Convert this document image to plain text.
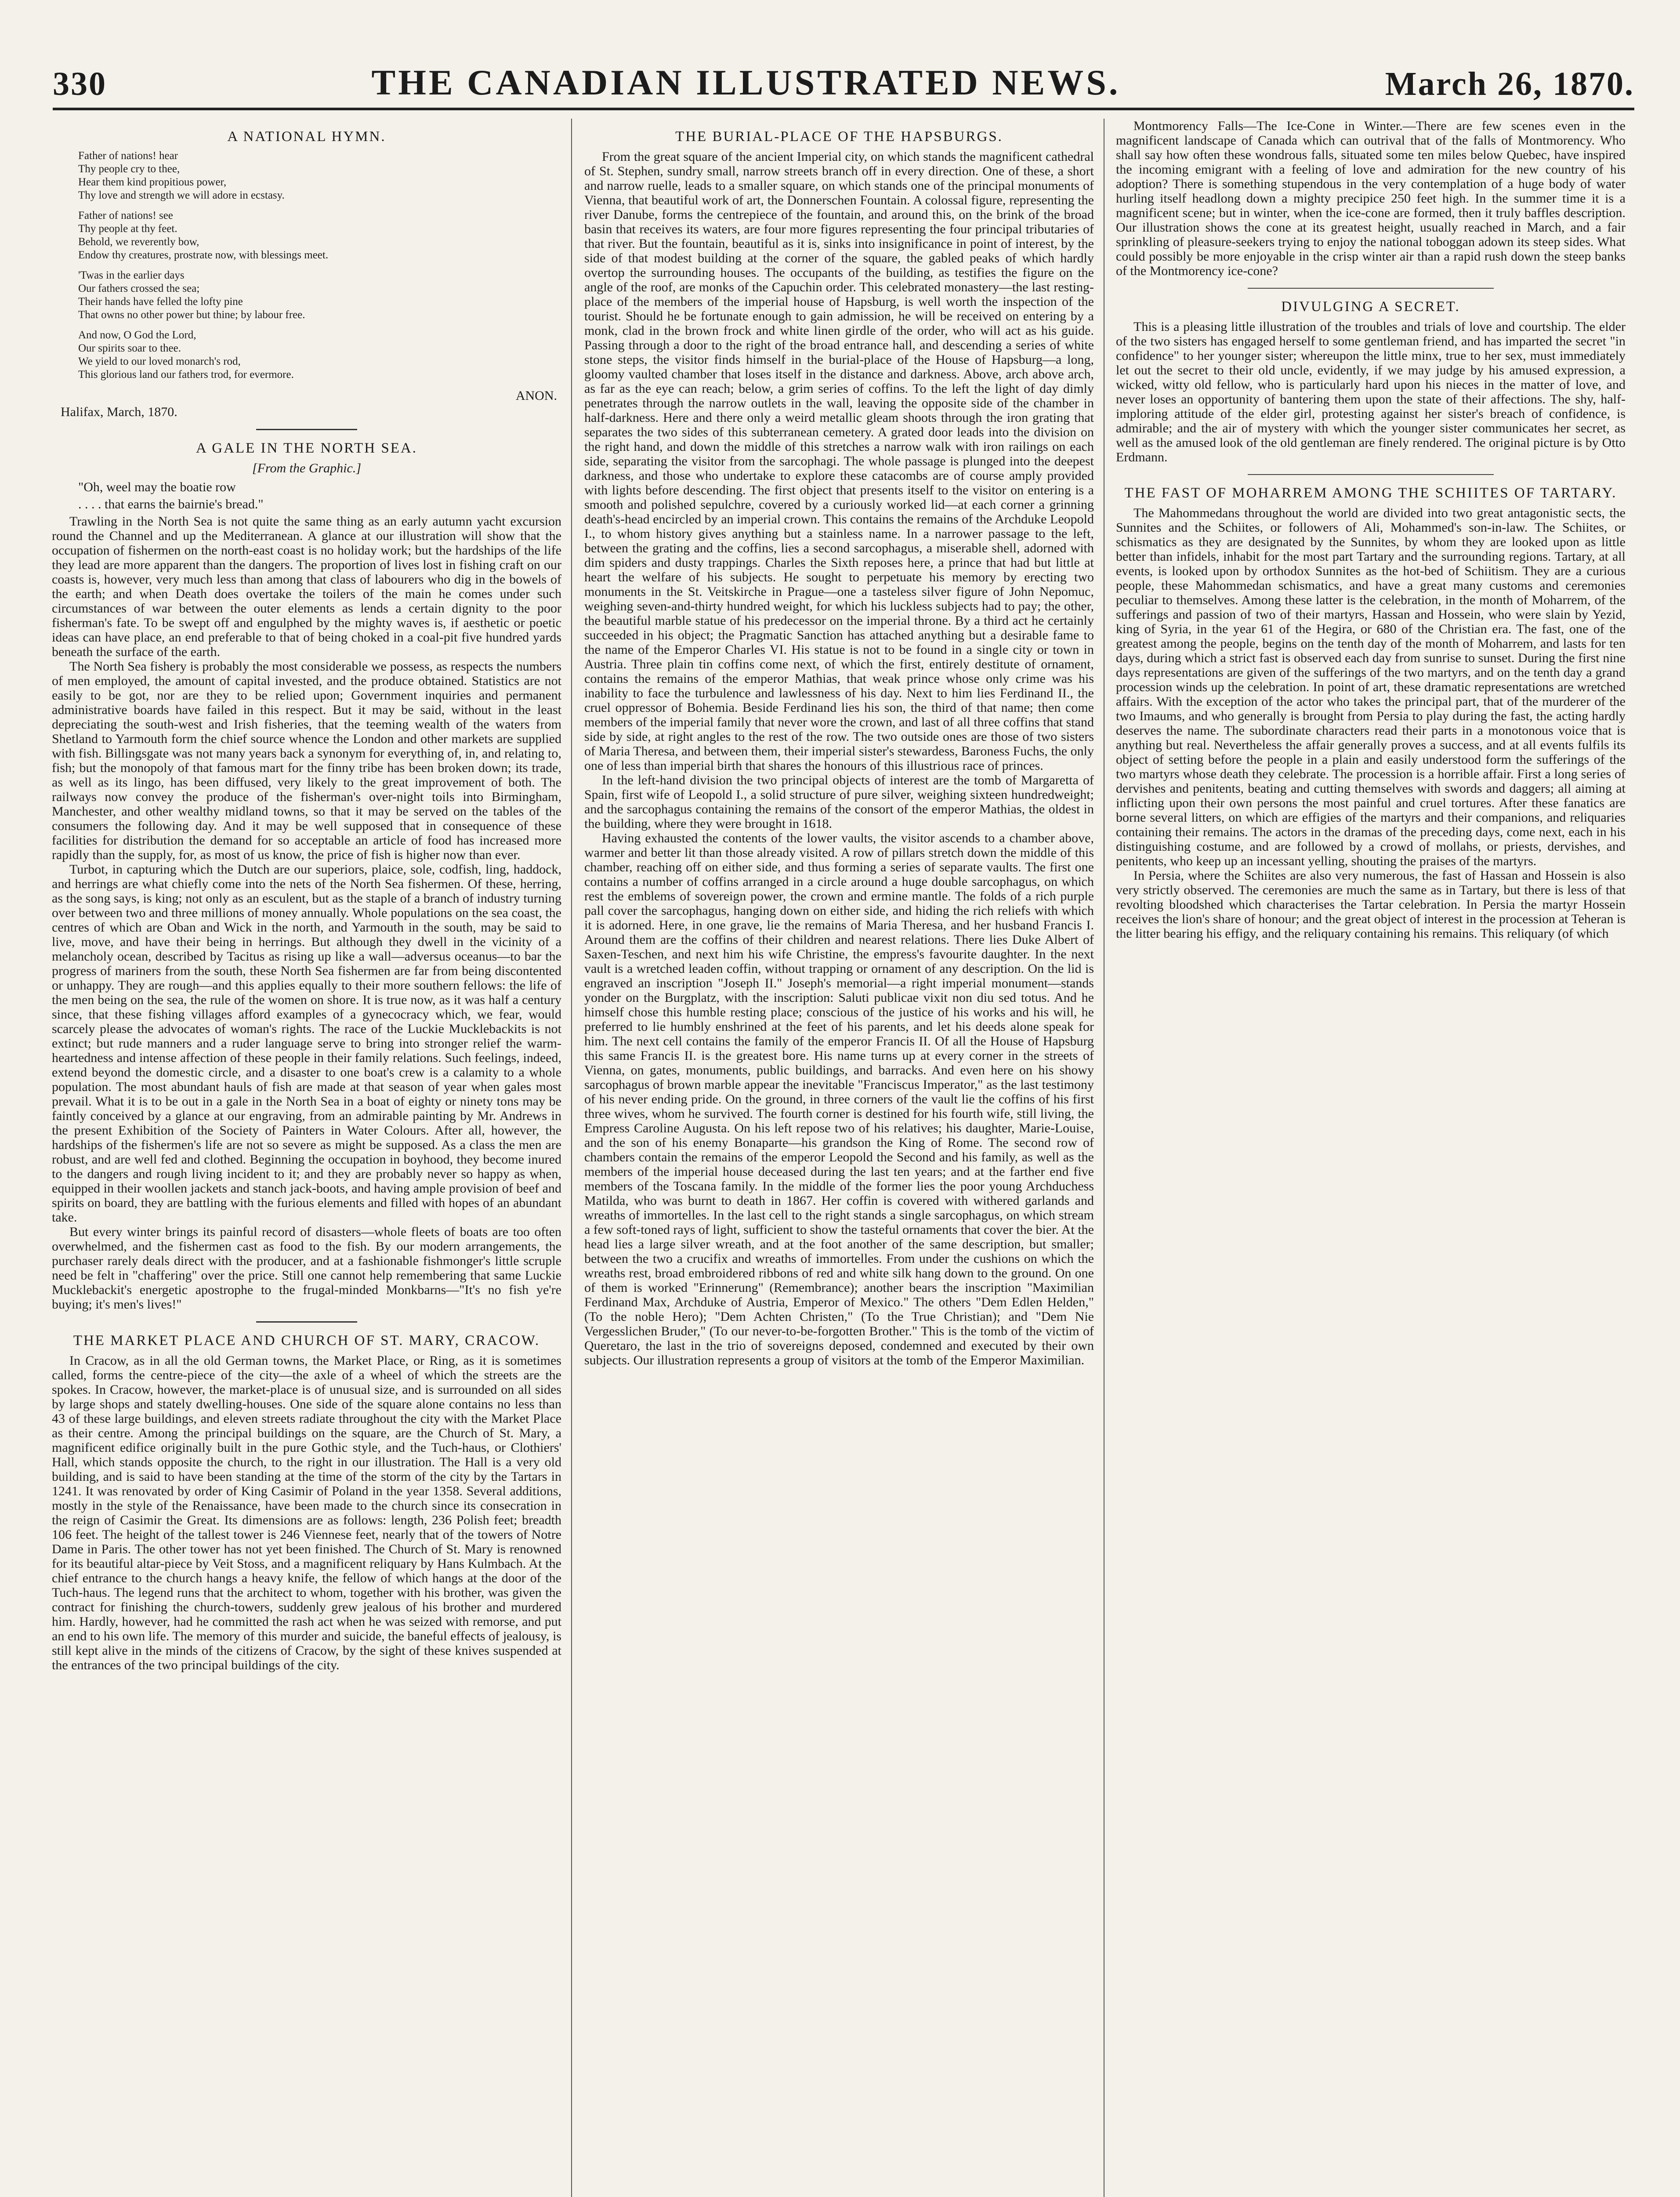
330	THE CANADIAN ILLUSTRATED NEWS.	March 26, 1870.
A NATIONAL HYMN.
Father of nations! hear
Thy people cry to thee,
Hear them kind propitious power,
Thy love and strength we will adore in ecstasy.
Father of nations! see
Thy people at thy feet.
Behold, we reverently bow,
Endow thy creatures, prostrate now, with blessings meet.
'Twas in the earlier days
Our fathers crossed the sea;
Their hands have felled the lofty pine
That owns no other power but thine; by labour free.
And now, O God the Lord,
Our spirits soar to thee.
We yield to our loved monarch's rod,
This glorious land our fathers trod, for evermore.
ANON.
Halifax, March, 1870.
A GALE IN THE NORTH SEA.
[From the Graphic.]
"Oh, weel may the boatie row
. . . . that earns the bairnie's bread."

Trawling in the North Sea is not quite the same thing as an early autumn yacht excursion round the Channel and up the Mediterranean. A glance at our illustration will show that the occupation of fishermen on the north-east coast is no holiday work; but the hardships of the life they lead are more apparent than the dangers. The proportion of lives lost in fishing craft on our coasts is, however, very much less than among that class of labourers who dig in the bowels of the earth; and when Death does overtake the toilers of the main he comes under such circumstances of war between the outer elements as lends a certain dignity to the poor fisherman's fate. To be swept off and engulphed by the mighty waves is, if aesthetic or poetic ideas can have place, an end preferable to that of being choked in a coal-pit five hundred yards beneath the surface of the earth.

The North Sea fishery is probably the most considerable we possess, as respects the numbers of men employed, the amount of capital invested, and the produce obtained. Statistics are not easily to be got, nor are they to be relied upon; Government inquiries and permanent administrative boards have failed in this respect. But it may be said, without in the least depreciating the south-west and Irish fisheries, that the teeming wealth of the waters from Shetland to Yarmouth form the chief source whence the London and other markets are supplied with fish. Billingsgate was not many years back a synonym for everything of, in, and relating to, fish; but the monopoly of that famous mart for the finny tribe has been broken down; its trade, as well as its lingo, has been diffused, very likely to the great improvement of both. The railways now convey the produce of the fisherman's over-night toils into Birmingham, Manchester, and other wealthy midland towns, so that it may be served on the tables of the consumers the following day. And it may be well supposed that in consequence of these facilities for distribution the demand for so acceptable an article of food has increased more rapidly than the supply, for, as most of us know, the price of fish is higher now than ever.

Turbot, in capturing which the Dutch are our superiors, plaice, sole, codfish, ling, haddock, and herrings are what chiefly come into the nets of the North Sea fishermen. Of these, herring, as the song says, is king; not only as an esculent, but as the staple of a branch of industry turning over between two and three millions of money annually. Whole populations on the sea coast, the centres of which are Oban and Wick in the north, and Yarmouth in the south, may be said to live, move, and have their being in herrings. But although they dwell in the vicinity of a melancholy ocean, described by Tacitus as rising up like a wall—adversus oceanus—to bar the progress of mariners from the south, these North Sea fishermen are far from being discontented or unhappy. They are rough—and this applies equally to their more southern fellows: the life of the men being on the sea, the rule of the women on shore. It is true now, as it was half a century since, that these fishing villages afford examples of a gynecocracy which, we fear, would scarcely please the advocates of woman's rights. The race of the Luckie Mucklebackits is not extinct; but rude manners and a ruder language serve to bring into stronger relief the warm-heartedness and intense affection of these people in their family relations. Such feelings, indeed, extend beyond the domestic circle, and a disaster to one boat's crew is a calamity to a whole population. The most abundant hauls of fish are made at that season of year when gales most prevail. What it is to be out in a gale in the North Sea in a boat of eighty or ninety tons may be faintly conceived by a glance at our engraving, from an admirable painting by Mr. Andrews in the present Exhibition of the Society of Painters in Water Colours. After all, however, the hardships of the fishermen's life are not so severe as might be supposed. As a class the men are robust, and are well fed and clothed. Beginning the occupation in boyhood, they become inured to the dangers and rough living incident to it; and they are probably never so happy as when, equipped in their woollen jackets and stanch jack-boots, and having ample provision of beef and spirits on board, they are battling with the furious elements and filled with hopes of an abundant take.

But every winter brings its painful record of disasters—whole fleets of boats are too often overwhelmed, and the fishermen cast as food to the fish. By our modern arrangements, the purchaser rarely deals direct with the producer, and at a fashionable fishmonger's little scruple need be felt in "chaffering" over the price. Still one cannot help remembering that same Luckie Mucklebackit's energetic apostrophe to the frugal-minded Monkbarns—"It's no fish ye're buying; it's men's lives!"

THE MARKET PLACE AND CHURCH OF ST. MARY, CRACOW.

In Cracow, as in all the old German towns, the Market Place, or Ring, as it is sometimes called, forms the centre-piece of the city—the axle of a wheel of which the streets are the spokes. In Cracow, however, the market-place is of unusual size, and is surrounded on all sides by large shops and stately dwelling-houses. One side of the square alone contains no less than 43 of these large buildings, and eleven streets radiate throughout the city with the Market Place as their centre. Among the principal buildings on the square, are the Church of St. Mary, a magnificent edifice originally built in the pure Gothic style, and the Tuch-haus, or Clothiers' Hall, which stands opposite the church, to the right in our illustration. The Hall is a very old building, and is said to have been standing at the time of the storm of the city by the Tartars in 1241. It was renovated by order of King Casimir of Poland in the year 1358. Several additions, mostly in the style of the Renaissance, have been made to the church since its consecration in the reign of Casimir the Great. Its dimensions are as follows: length, 236 Polish feet; breadth 106 feet. The height of the tallest tower is 246 Viennese feet, nearly that of the towers of Notre Dame in Paris. The other tower has not yet been finished. The Church of St. Mary is renowned for its beautiful altar-piece by Veit Stoss, and a magnificent reliquary by Hans Kulmbach. At the chief entrance to the church hangs a heavy knife, the fellow of which hangs at the door of the Tuch-haus. The legend runs that the architect to whom, together with his brother, was given the contract for finishing the church-towers, suddenly grew jealous of his brother and murdered him. Hardly, however, had he committed the rash act when he was seized with remorse, and put an end to his own life. The memory of this murder and suicide, the baneful effects of jealousy, is still kept alive in the minds of the citizens of Cracow, by the sight of these knives suspended at the entrances of the two principal buildings of the city.

THE BURIAL-PLACE OF THE HAPSBURGS.

From the great square of the ancient Imperial city, on which stands the magnificent cathedral of St. Stephen, sundry small, narrow streets branch off in every direction. One of these, a short and narrow ruelle, leads to a smaller square, on which stands one of the principal monuments of Vienna, that beautiful work of art, the Donnerschen Fountain. A colossal figure, representing the river Danube, forms the centrepiece of the fountain, and around this, on the brink of the broad basin that receives its waters, are four more figures representing the four principal tributaries of that river. But the fountain, beautiful as it is, sinks into insignificance in point of interest, by the side of that modest building at the corner of the square, the gabled peaks of which hardly overtop the surrounding houses. The occupants of the building, as testifies the figure on the angle of the roof, are monks of the Capuchin order. This celebrated monastery—the last resting-place of the members of the imperial house of Hapsburg, is well worth the inspection of the tourist. Should he be fortunate enough to gain admission, he will be received on entering by a monk, clad in the brown frock and white linen girdle of the order, who will act as his guide. Passing through a door to the right of the broad entrance hall, and descending a series of white stone steps, the visitor finds himself in the burial-place of the House of Hapsburg—a long, gloomy vaulted chamber that loses itself in the distance and darkness. Above, arch above arch, as far as the eye can reach; below, a grim series of coffins. To the left the light of day dimly penetrates through the narrow outlets in the wall, leaving the opposite side of the chamber in half-darkness. Here and there only a weird metallic gleam shoots through the iron grating that separates the two sides of this subterranean cemetery. A grated door leads into the division on the right hand, and down the middle of this stretches a narrow walk with iron railings on each side, separating the visitor from the sarcophagi. The whole passage is plunged into the deepest darkness, and those who undertake to explore these catacombs are of course amply provided with lights before descending. The first object that presents itself to the visitor on entering is a smooth and polished sepulchre, covered by a curiously worked lid—at each corner a grinning death's-head encircled by an imperial crown. This contains the remains of the Archduke Leopold I., to whom history gives anything but a stainless name. In a narrower passage to the left, between the grating and the coffins, lies a second sarcophagus, a miserable shell, adorned with dim spiders and dusty trappings. Charles the Sixth reposes here, a prince that had but little at heart the welfare of his subjects. He sought to perpetuate his memory by erecting two monuments in the St. Veitskirche in Prague—one a tasteless silver figure of John Nepomuc, weighing seven-and-thirty hundred weight, for which his luckless subjects had to pay; the other, the beautiful marble statue of his predecessor on the imperial throne. By a third act he certainly succeeded in his object; the Pragmatic Sanction has attached anything but a desirable fame to the name of the Emperor Charles VI. His statue is not to be found in a single city or town in Austria. Three plain tin coffins come next, of which the first, entirely destitute of ornament, contains the remains of the emperor Mathias, that weak prince whose only crime was his inability to face the turbulence and lawlessness of his day. Next to him lies Ferdinand II., the cruel oppressor of Bohemia. Beside Ferdinand lies his son, the third of that name; then come members of the imperial family that never wore the crown, and last of all three coffins that stand side by side, at right angles to the rest of the row. The two outside ones are those of two sisters of Maria Theresa, and between them, their imperial sister's stewardess, Baroness Fuchs, the only one of less than imperial birth that shares the honours of this illustrious race of princes.

In the left-hand division the two principal objects of interest are the tomb of Margaretta of Spain, first wife of Leopold I., a solid structure of pure silver, weighing sixteen hundredweight; and the sarcophagus containing the remains of the consort of the emperor Mathias, the oldest in the building, where they were brought in 1618.

Having exhausted the contents of the lower vaults, the visitor ascends to a chamber above, warmer and better lit than those already visited. A row of pillars stretch down the middle of this chamber, reaching off on either side, and thus forming a series of separate vaults. The first one contains a number of coffins arranged in a circle around a huge double sarcophagus, on which rest the emblems of sovereign power, the crown and ermine mantle. The folds of a rich purple pall cover the sarcophagus, hanging down on either side, and hiding the rich reliefs with which it is adorned. Here, in one grave, lie the remains of Maria Theresa, and her husband Francis I. Around them are the coffins of their children and nearest relations. There lies Duke Albert of Saxen-Teschen, and next him his wife Christine, the empress's favourite daughter. In the next vault is a wretched leaden coffin, without trapping or ornament of any description. On the lid is engraved an inscription "Joseph II." Joseph's memorial—a right imperial monument—stands yonder on the Burgplatz, with the inscription: Saluti publicae vixit non diu sed totus. And he himself chose this humble resting place; conscious of the justice of his works and his will, he preferred to lie humbly enshrined at the feet of his parents, and let his deeds alone speak for him. The next cell contains the family of the emperor Francis II. Of all the House of Hapsburg this same Francis II. is the greatest bore. His name turns up at every corner in the streets of Vienna, on gates, monuments, public buildings, and barracks. And even here on his showy sarcophagus of brown marble appear the inevitable "Franciscus Imperator," as the last testimony of his never ending pride. On the ground, in three corners of the vault lie the coffins of his first three wives, whom he survived. The fourth corner is destined for his fourth wife, still living, the Empress Caroline Augusta. On his left repose two of his relatives; his daughter, Marie-Louise, and the son of his enemy Bonaparte—his grandson the King of Rome. The second row of chambers contain the remains of the emperor Leopold the Second and his family, as well as the members of the imperial house deceased during the last ten years; and at the farther end five members of the Toscana family. In the middle of the former lies the poor young Archduchess Matilda, who was burnt to death in 1867. Her coffin is covered with withered garlands and wreaths of immortelles. In the last cell to the right stands a single sarcophagus, on which stream a few soft-toned rays of light, sufficient to show the tasteful ornaments that cover the bier. At the head lies a large silver wreath, and at the foot another of the same description, but smaller; between the two a crucifix and wreaths of immortelles. From under the cushions on which the wreaths rest, broad embroidered ribbons of red and white silk hang down to the ground. On one of them is worked "Erinnerung" (Remembrance); another bears the inscription "Maximilian Ferdinand Max, Archduke of Austria, Emperor of Mexico." The others "Dem Edlen Helden," (To the noble Hero); "Dem Achten Christen," (To the True Christian); and "Dem Nie Vergesslichen Bruder," (To our never-to-be-forgotten Brother." This is the tomb of the victim of Queretaro, the last in the trio of sovereigns deposed, condemned and executed by their own subjects. Our illustration represents a group of visitors at the tomb of the Emperor Maximilian.

Montmorency Falls—The Ice-Cone in Winter.—There are few scenes even in the magnificent landscape of Canada which can outrival that of the falls of Montmorency. Who shall say how often these wondrous falls, situated some ten miles below Quebec, have inspired the incoming emigrant with a feeling of love and admiration for the new country of his adoption? There is something stupendous in the very contemplation of a huge body of water hurling itself headlong down a mighty precipice 250 feet high. In the summer time it is a magnificent scene; but in winter, when the ice-cone are formed, then it truly baffles description. Our illustration shows the cone at its greatest height, usually reached in March, and a fair sprinkling of pleasure-seekers trying to enjoy the national toboggan adown its steep sides. What could possibly be more enjoyable in the crisp winter air than a rapid rush down the steep banks of the Montmorency ice-cone?

DIVULGING A SECRET.

This is a pleasing little illustration of the troubles and trials of love and courtship. The elder of the two sisters has engaged herself to some gentleman friend, and has imparted the secret "in confidence" to her younger sister; whereupon the little minx, true to her sex, must immediately let out the secret to their old uncle, evidently, if we may judge by his amused expression, a wicked, witty old fellow, who is particularly hard upon his nieces in the matter of love, and never loses an opportunity of bantering them upon the state of their affections. The shy, half-imploring attitude of the elder girl, protesting against her sister's breach of confidence, is admirable; and the air of mystery with which the younger sister communicates her secret, as well as the amused look of the old gentleman are finely rendered. The original picture is by Otto Erdmann.

THE FAST OF MOHARREM AMONG THE SCHIITES OF TARTARY.

The Mahommedans throughout the world are divided into two great antagonistic sects, the Sunnites and the Schiites, or followers of Ali, Mohammed's son-in-law. The Schiites, or schismatics as they are designated by the Sunnites, by whom they are looked upon as little better than infidels, inhabit for the most part Tartary and the surrounding regions. Tartary, at all events, is looked upon by orthodox Sunnites as the hot-bed of Schiitism. They are a curious people, these Mahommedan schismatics, and have a great many customs and ceremonies peculiar to themselves. Among these latter is the celebration, in the month of Moharrem, of the sufferings and passion of two of their martyrs, Hassan and Hossein, who were slain by Yezid, king of Syria, in the year 61 of the Hegira, or 680 of the Christian era. The fast, one of the greatest among the people, begins on the tenth day of the month of Moharrem, and lasts for ten days, during which a strict fast is observed each day from sunrise to sunset. During the first nine days representations are given of the sufferings of the two martyrs, and on the tenth day a grand procession winds up the celebration. In point of art, these dramatic representations are wretched affairs. With the exception of the actor who takes the principal part, that of the murderer of the two Imaums, and who generally is brought from Persia to play during the fast, the acting hardly deserves the name. The subordinate characters read their parts in a monotonous voice that is anything but real. Nevertheless the affair generally proves a success, and at all events fulfils its object of setting before the people in a plain and easily understood form the sufferings of the two martyrs whose death they celebrate. The procession is a horrible affair. First a long series of dervishes and penitents, beating and cutting themselves with swords and daggers; all aiming at inflicting upon their own persons the most painful and cruel tortures. After these fanatics are borne several litters, on which are effigies of the martyrs and their companions, and reliquaries containing their remains. The actors in the dramas of the preceding days, come next, each in his distinguishing costume, and are followed by a crowd of mollahs, or priests, dervishes, and penitents, who keep up an incessant yelling, shouting the praises of the martyrs.

In Persia, where the Schiites are also very numerous, the fast of Hassan and Hossein is also very strictly observed. The ceremonies are much the same as in Tartary, but there is less of that revolting bloodshed which characterises the Tartar celebration. In Persia the martyr Hossein receives the lion's share of honour; and the great object of interest in the procession at Teheran is the litter bearing his effigy, and the reliquary containing his remains. This reliquary (of which
